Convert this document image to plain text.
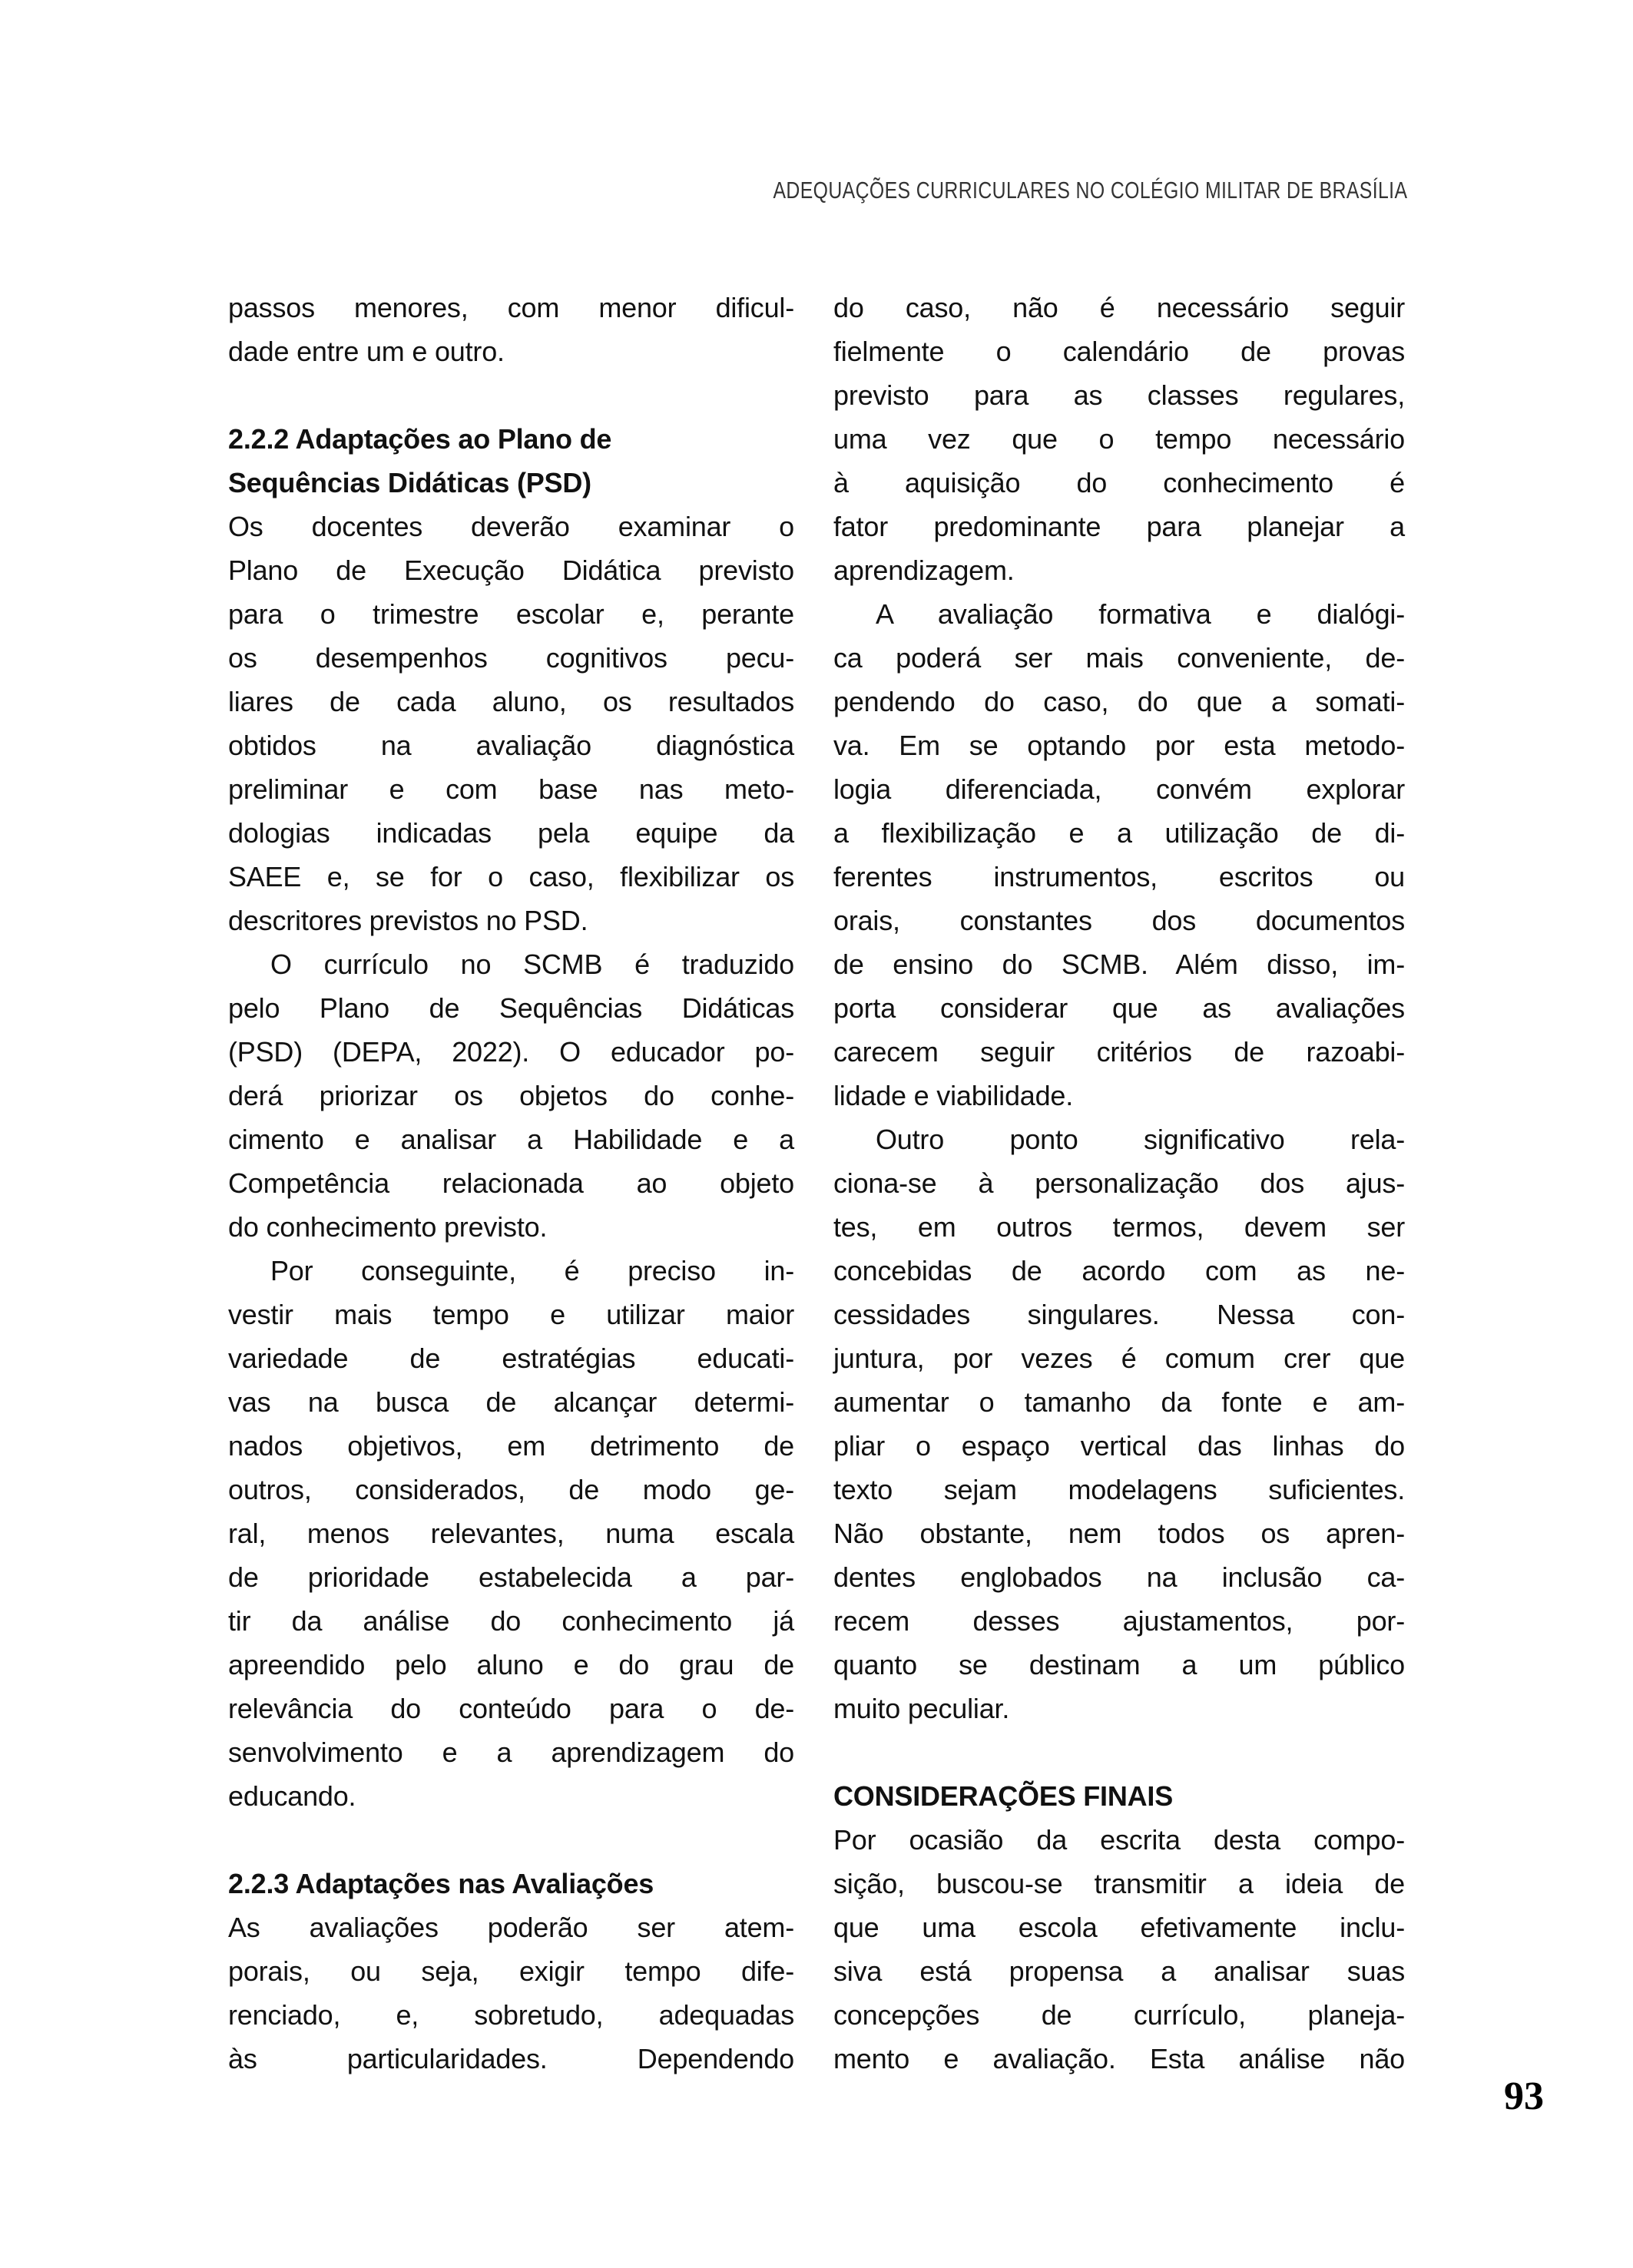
ADEQUAÇÕES CURRICULARES NO COLÉGIO MILITAR DE BRASÍLIA
passos menores, com menor dificul-
dade entre um e outro.
2.2.2 Adaptações ao Plano de
Sequências Didáticas (PSD)
Os docentes deverão examinar o
Plano de Execução Didática previsto
para o trimestre escolar e, perante
os desempenhos cognitivos pecu-
liares de cada aluno, os resultados
obtidos na avaliação diagnóstica
preliminar e com base nas meto-
dologias indicadas pela equipe da
SAEE e, se for o caso, flexibilizar os
descritores previstos no PSD.
O currículo no SCMB é traduzido
pelo Plano de Sequências Didáticas
(PSD) (DEPA, 2022). O educador po-
derá priorizar os objetos do conhe-
cimento e analisar a Habilidade e a
Competência relacionada ao objeto
do conhecimento previsto.
Por conseguinte, é preciso in-
vestir mais tempo e utilizar maior
variedade de estratégias educati-
vas na busca de alcançar determi-
nados objetivos, em detrimento de
outros, considerados, de modo ge-
ral, menos relevantes, numa escala
de prioridade estabelecida a par-
tir da análise do conhecimento já
apreendido pelo aluno e do grau de
relevância do conteúdo para o de-
senvolvimento e a aprendizagem do
educando.
2.2.3 Adaptações nas Avaliações
As avaliações poderão ser atem-
porais, ou seja, exigir tempo dife-
renciado, e, sobretudo, adequadas
às particularidades. Dependendo
do caso, não é necessário seguir
fielmente o calendário de provas
previsto para as classes regulares,
uma vez que o tempo necessário
à aquisição do conhecimento é
fator predominante para planejar a
aprendizagem.
A avaliação formativa e dialógi-
ca poderá ser mais conveniente, de-
pendendo do caso, do que a somati-
va. Em se optando por esta metodo-
logia diferenciada, convém explorar
a flexibilização e a utilização de di-
ferentes instrumentos, escritos ou
orais, constantes dos documentos
de ensino do SCMB. Além disso, im-
porta considerar que as avaliações
carecem seguir critérios de razoabi-
lidade e viabilidade.
Outro ponto significativo rela-
ciona-se à personalização dos ajus-
tes, em outros termos, devem ser
concebidas de acordo com as ne-
cessidades singulares. Nessa con-
juntura, por vezes é comum crer que
aumentar o tamanho da fonte e am-
pliar o espaço vertical das linhas do
texto sejam modelagens suficientes.
Não obstante, nem todos os apren-
dentes englobados na inclusão ca-
recem desses ajustamentos, por-
quanto se destinam a um público
muito peculiar.
CONSIDERAÇÕES FINAIS
Por ocasião da escrita desta compo-
sição, buscou-se transmitir a ideia de
que uma escola efetivamente inclu-
siva está propensa a analisar suas
concepções de currículo, planeja-
mento e avaliação. Esta análise não
93
